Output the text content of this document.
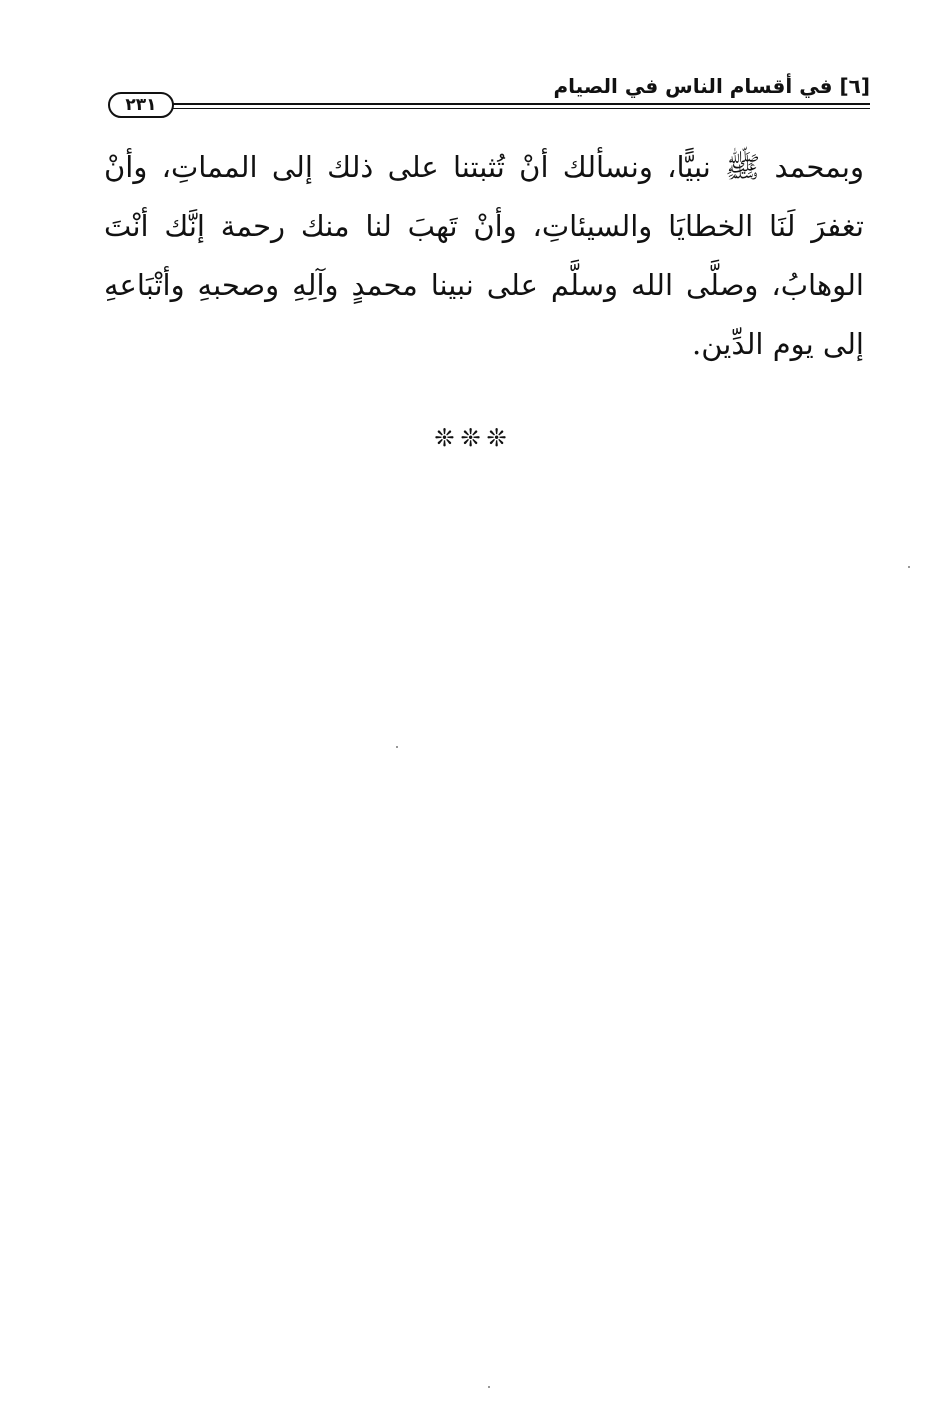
[٦] في أقسام الناس في الصيام
٢٣١
وبمحمد ﷺ نبيًّا، ونسألك أنْ تُثبتنا على ذلك إلى المماتِ، وأنْ
تغفرَ لَنَا الخطايَا والسيئاتِ، وأنْ تَهبَ لنا منك رحمة إنَّك أنْتَ
الوهابُ، وصلَّى الله وسلَّم على نبينا محمدٍ وآلِهِ وصحبهِ وأتْبَاعهِ
إلى يوم الدِّين.
❊❊❊
